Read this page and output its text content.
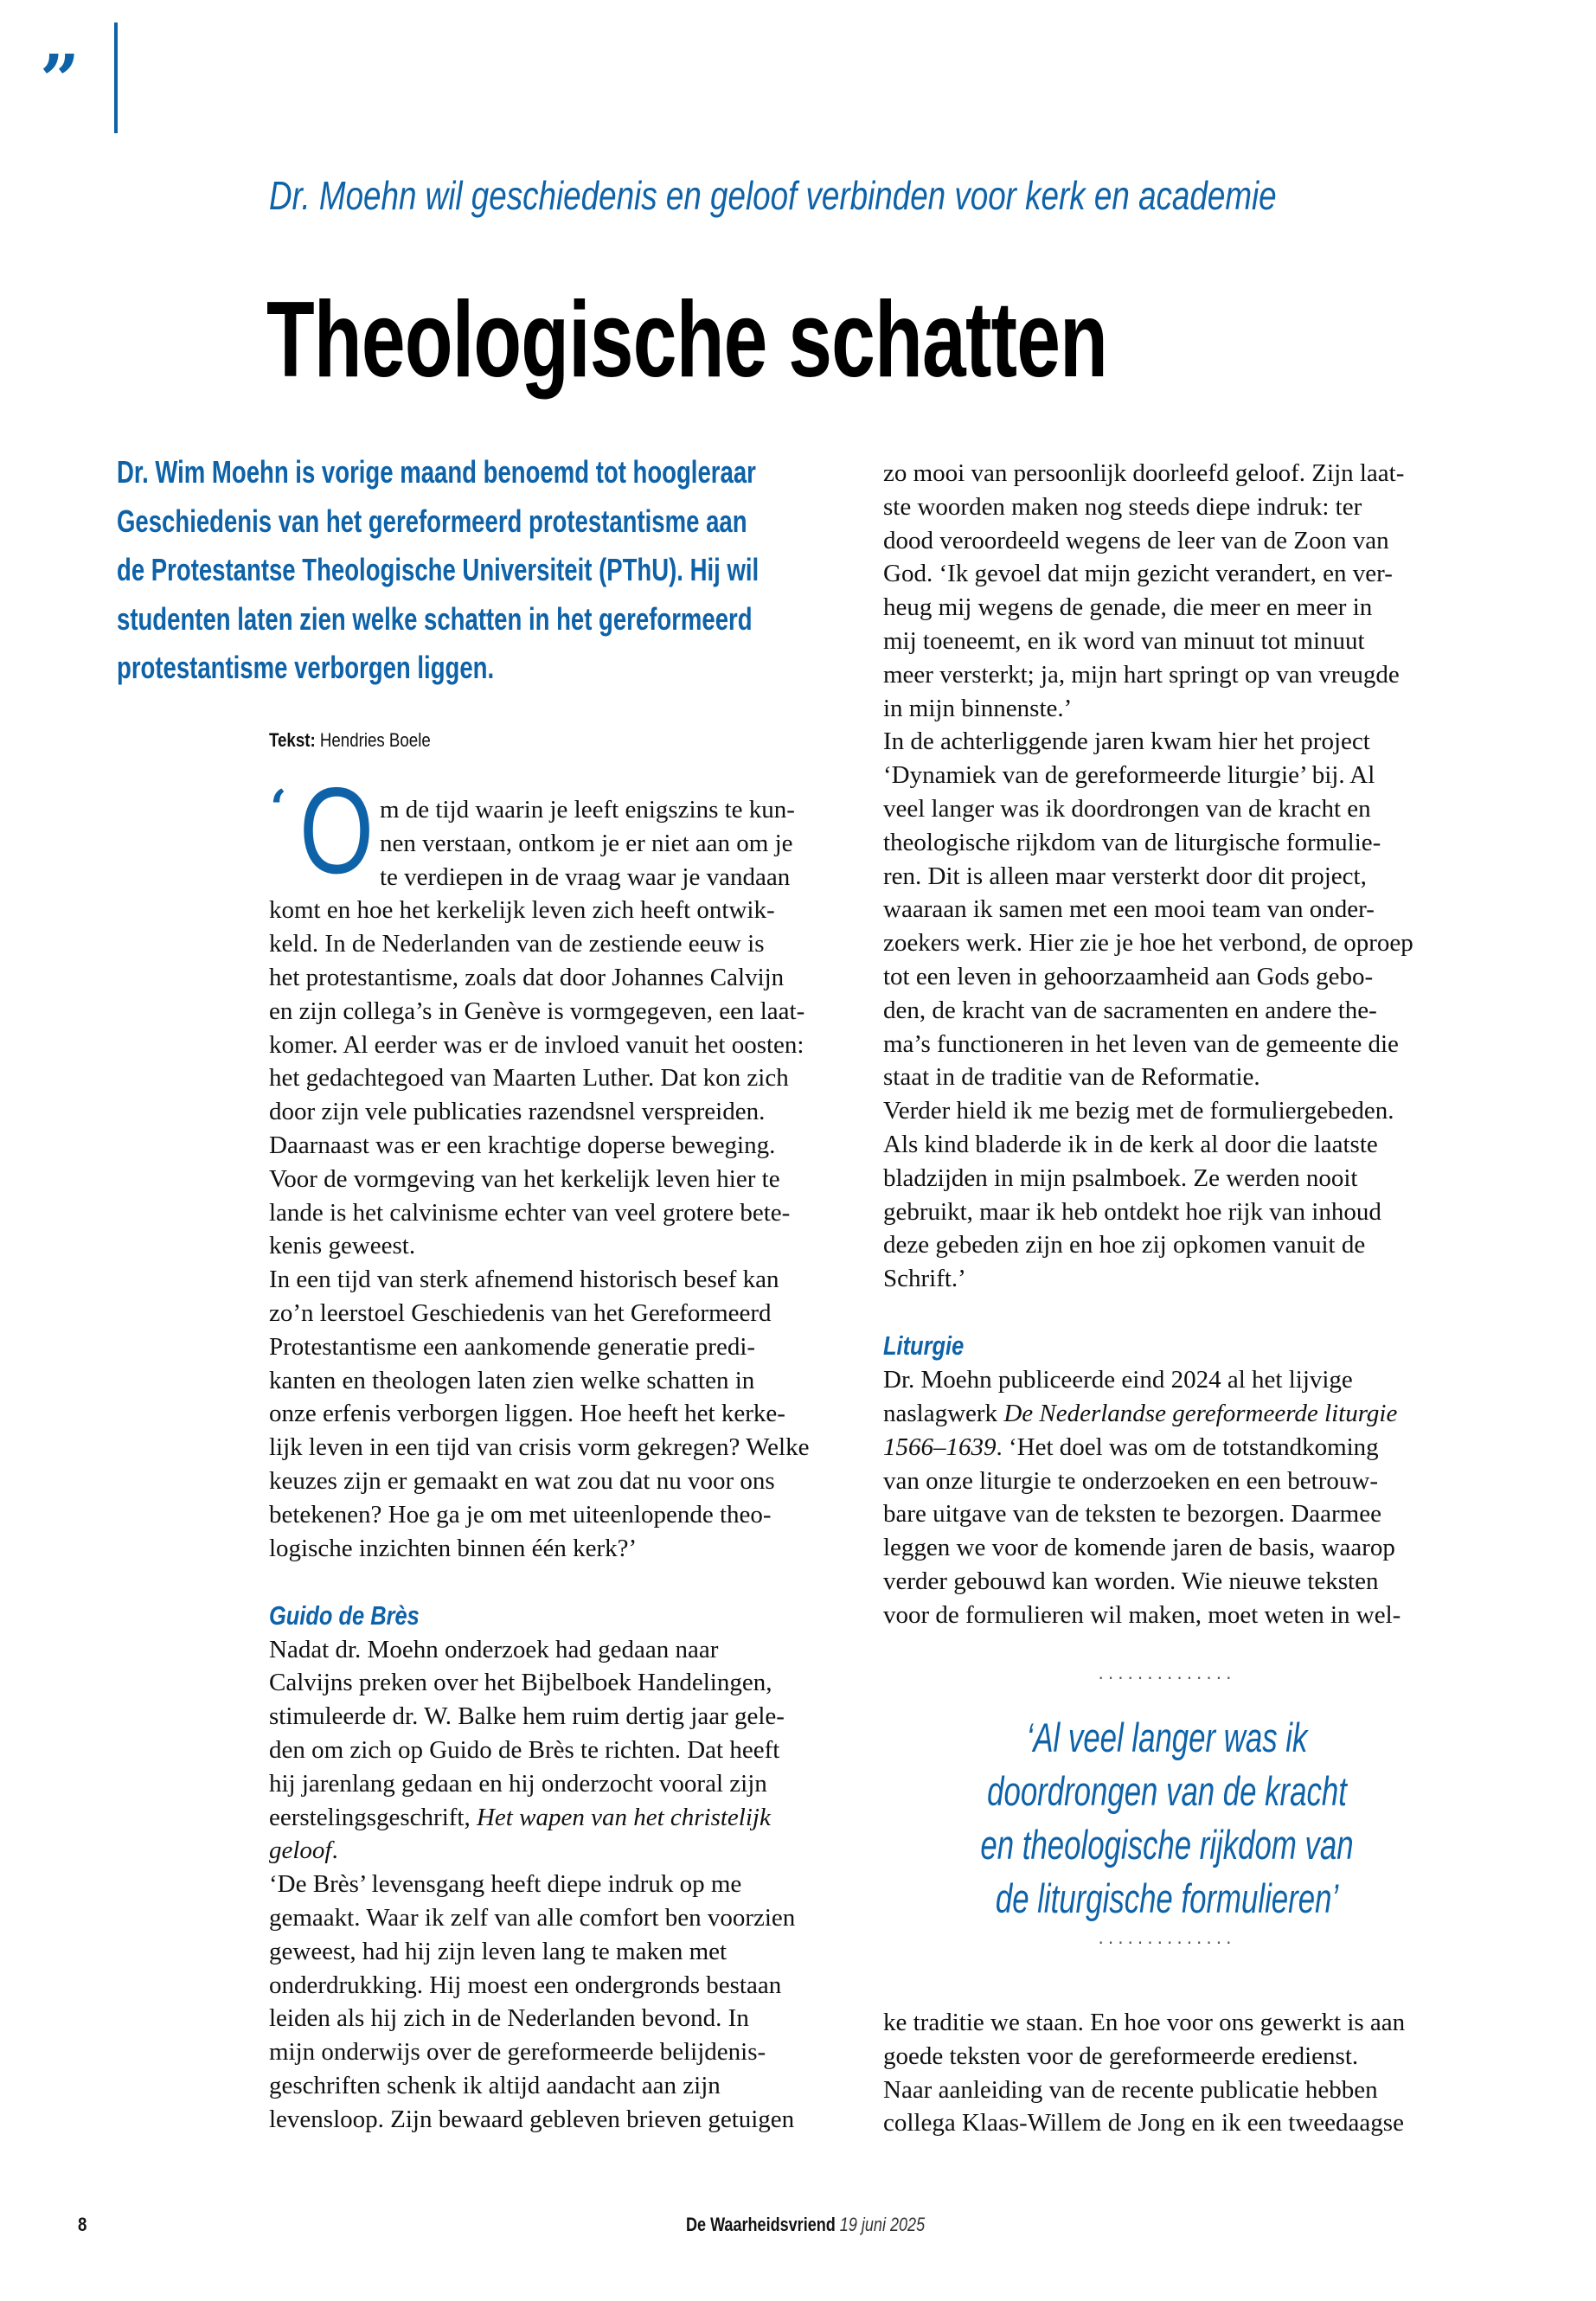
”
Dr. Moehn wil geschiedenis en geloof verbinden voor kerk en academie
Theologische schatten
Dr. Wim Moehn is vorige maand benoemd tot hoogleraar
Geschiedenis van het gereformeerd protestantisme aan
de Protestantse Theologische Universiteit (PThU). Hij wil
studenten laten zien welke schatten in het gereformeerd
protestantisme verborgen liggen.
Tekst: Hendries Boele
‘ O m de tijd waarin je leeft enigszins te kun-
nen verstaan, ontkom je er niet aan om je
te verdiepen in de vraag waar je vandaan
komt en hoe het kerkelijk leven zich heeft ontwik-
keld. In de Nederlanden van de zestiende eeuw is
het protestantisme, zoals dat door Johannes Calvijn
en zijn collega’s in Genève is vormgegeven, een laat-
komer. Al eerder was er de invloed vanuit het oosten:
het gedachtegoed van Maarten Luther. Dat kon zich
door zijn vele publicaties razendsnel verspreiden.
Daarnaast was er een krachtige doperse beweging.
Voor de vormgeving van het kerkelijk leven hier te
lande is het calvinisme echter van veel grotere bete-
kenis geweest.
In een tijd van sterk afnemend historisch besef kan
zo’n leerstoel Geschiedenis van het Gereformeerd
Protestantisme een aankomende generatie predi-
kanten en theologen laten zien welke schatten in
onze erfenis verborgen liggen. Hoe heeft het kerke-
lijk leven in een tijd van crisis vorm gekregen? Welke
keuzes zijn er gemaakt en wat zou dat nu voor ons
betekenen? Hoe ga je om met uiteenlopende theo-
logische inzichten binnen één kerk?’
Guido de Brès
Nadat dr. Moehn onderzoek had gedaan naar
Calvijns preken over het Bijbelboek Handelingen,
stimuleerde dr. W. Balke hem ruim dertig jaar gele-
den om zich op Guido de Brès te richten. Dat heeft
hij jarenlang gedaan en hij onderzocht vooral zijn
eerstelingsgeschrift, Het wapen van het christelijk
geloof.
‘De Brès’ levensgang heeft diepe indruk op me
gemaakt. Waar ik zelf van alle comfort ben voorzien
geweest, had hij zijn leven lang te maken met
onderdrukking. Hij moest een ondergronds bestaan
leiden als hij zich in de Nederlanden bevond. In
mijn onderwijs over de gereformeerde belijdenis-
geschriften schenk ik altijd aandacht aan zijn
levensloop. Zijn bewaard gebleven brieven getuigen
zo mooi van persoonlijk doorleefd geloof. Zijn laat-
ste woorden maken nog steeds diepe indruk: ter
dood veroordeeld wegens de leer van de Zoon van
God. ‘Ik gevoel dat mijn gezicht verandert, en ver-
heug mij wegens de genade, die meer en meer in
mij toeneemt, en ik word van minuut tot minuut
meer versterkt; ja, mijn hart springt op van vreugde
in mijn binnenste.’
In de achterliggende jaren kwam hier het project
‘Dynamiek van de gereformeerde liturgie’ bij. Al
veel langer was ik doordrongen van de kracht en
theologische rijkdom van de liturgische formulie-
ren. Dit is alleen maar versterkt door dit project,
waaraan ik samen met een mooi team van onder-
zoekers werk. Hier zie je hoe het verbond, de oproep
tot een leven in gehoorzaamheid aan Gods gebo-
den, de kracht van de sacramenten en andere the-
ma’s functioneren in het leven van de gemeente die
staat in de traditie van de Reformatie.
Verder hield ik me bezig met de formuliergebeden.
Als kind bladerde ik in de kerk al door die laatste
bladzijden in mijn psalmboek. Ze werden nooit
gebruikt, maar ik heb ontdekt hoe rijk van inhoud
deze gebeden zijn en hoe zij opkomen vanuit de
Schrift.’
Liturgie
Dr. Moehn publiceerde eind 2024 al het lijvige
naslagwerk De Nederlandse gereformeerde liturgie
1566–1639. ‘Het doel was om de totstandkoming
van onze liturgie te onderzoeken en een betrouw-
bare uitgave van de teksten te bezorgen. Daarmee
leggen we voor de komende jaren de basis, waarop
verder gebouwd kan worden. Wie nieuwe teksten
voor de formulieren wil maken, moet weten in wel-
··············
‘Al veel langer was ik
doordrongen van de kracht
en theologische rijkdom van
de liturgische formulieren’
··············
ke traditie we staan. En hoe voor ons gewerkt is aan
goede teksten voor de gereformeerde eredienst.
Naar aanleiding van de recente publicatie hebben
collega Klaas-Willem de Jong en ik een tweedaagse
8	De Waarheidsvriend 19 juni 2025
